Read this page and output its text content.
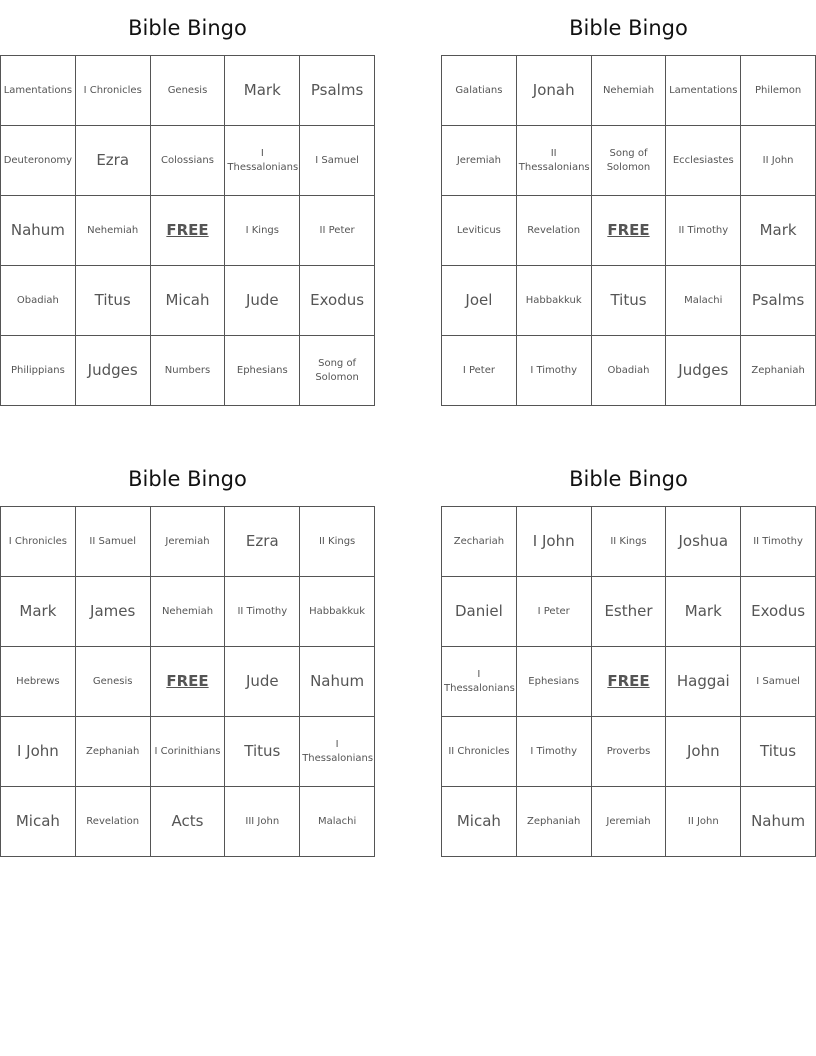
Bible Bingo
Lamentations	I Chronicles	Genesis	Mark	Psalms
Deuteronomy	Ezra	Colossians	I Thessalonians	I Samuel
Nahum	Nehemiah	FREE	I Kings	II Peter
Obadiah	Titus	Micah	Jude	Exodus
Philippians	Judges	Numbers	Ephesians	Song of Solomon
Bible Bingo
Galatians	Jonah	Nehemiah	Lamentations	Philemon
Jeremiah	II Thessalonians	Song of Solomon	Ecclesiastes	II John
Leviticus	Revelation	FREE	II Timothy	Mark
Joel	Habbakkuk	Titus	Malachi	Psalms
I Peter	I Timothy	Obadiah	Judges	Zephaniah
Bible Bingo
I Chronicles	II Samuel	Jeremiah	Ezra	II Kings
Mark	James	Nehemiah	II Timothy	Habbakkuk
Hebrews	Genesis	FREE	Jude	Nahum
I John	Zephaniah	I Corinithians	Titus	I Thessalonians
Micah	Revelation	Acts	III John	Malachi
Bible Bingo
Zechariah	I John	II Kings	Joshua	II Timothy
Daniel	I Peter	Esther	Mark	Exodus
I Thessalonians	Ephesians	FREE	Haggai	I Samuel
II Chronicles	I Timothy	Proverbs	John	Titus
Micah	Zephaniah	Jeremiah	II John	Nahum
